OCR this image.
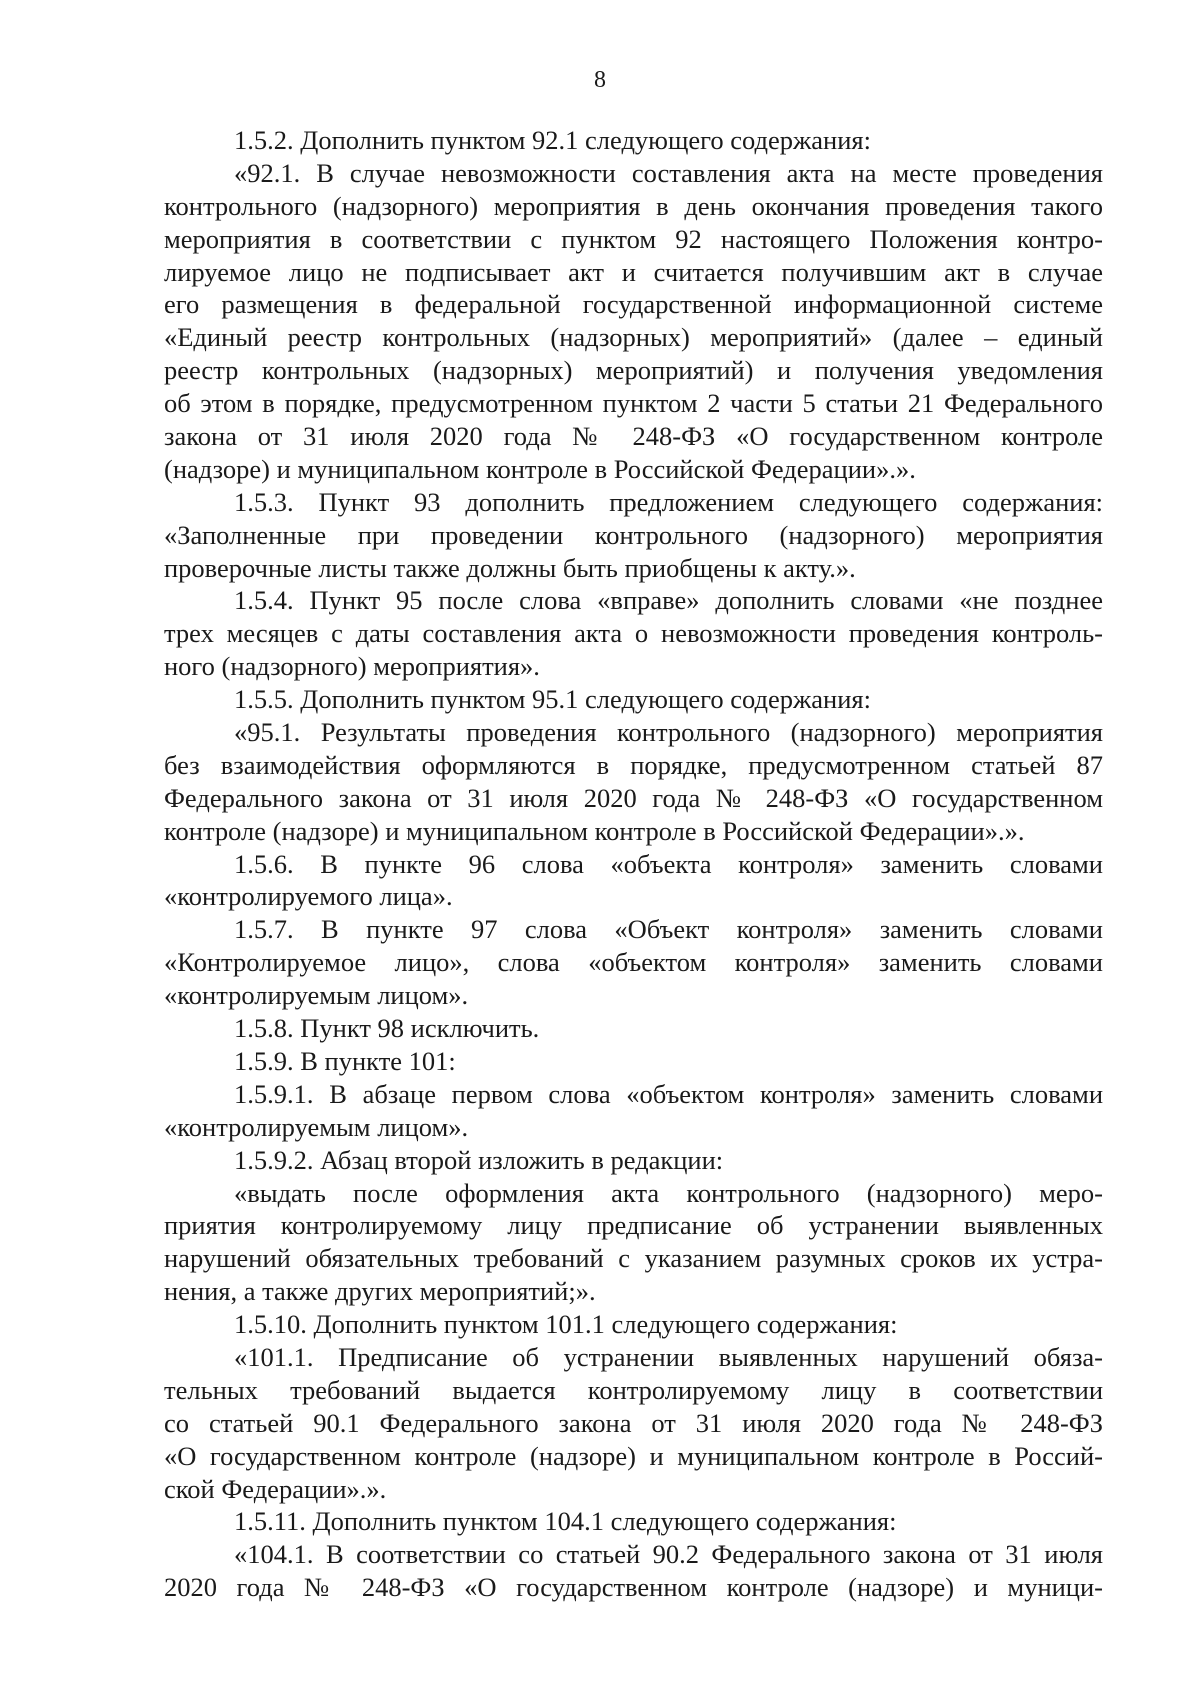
8
1.5.2. Дополнить пунктом 92.1 следующего содержания:
«92.1. В случае невозможности составления акта на месте проведения
контрольного (надзорного) мероприятия в день окончания проведения такого
мероприятия в соответствии с пунктом 92 настоящего Положения контро-
лируемое лицо не подписывает акт и считается получившим акт в случае
его размещения в федеральной государственной информационной системе
«Единый реестр контрольных (надзорных) мероприятий» (далее – единый
реестр контрольных (надзорных) мероприятий) и получения уведомления
об этом в порядке, предусмотренном пунктом 2 части 5 статьи 21 Федерального
закона от 31 июля 2020 года № 248-ФЗ «О государственном контроле
(надзоре) и муниципальном контроле в Российской Федерации».».
1.5.3. Пункт 93 дополнить предложением следующего содержания:
«Заполненные при проведении контрольного (надзорного) мероприятия
проверочные листы также должны быть приобщены к акту.».
1.5.4. Пункт 95 после слова «вправе» дополнить словами «не позднее
трех месяцев с даты составления акта о невозможности проведения контроль-
ного (надзорного) мероприятия».
1.5.5. Дополнить пунктом 95.1 следующего содержания:
«95.1. Результаты проведения контрольного (надзорного) мероприятия
без взаимодействия оформляются в порядке, предусмотренном статьей 87
Федерального закона от 31 июля 2020 года № 248-ФЗ «О государственном
контроле (надзоре) и муниципальном контроле в Российской Федерации».».
1.5.6. В пункте 96 слова «объекта контроля» заменить словами
«контролируемого лица».
1.5.7. В пункте 97 слова «Объект контроля» заменить словами
«Контролируемое лицо», слова «объектом контроля» заменить словами
«контролируемым лицом».
1.5.8. Пункт 98 исключить.
1.5.9. В пункте 101:
1.5.9.1. В абзаце первом слова «объектом контроля» заменить словами
«контролируемым лицом».
1.5.9.2. Абзац второй изложить в редакции:
«выдать после оформления акта контрольного (надзорного) меро-
приятия контролируемому лицу предписание об устранении выявленных
нарушений обязательных требований с указанием разумных сроков их устра-
нения, а также других мероприятий;».
1.5.10. Дополнить пунктом 101.1 следующего содержания:
«101.1. Предписание об устранении выявленных нарушений обяза-
тельных требований выдается контролируемому лицу в соответствии
со статьей 90.1 Федерального закона от 31 июля 2020 года № 248-ФЗ
«О государственном контроле (надзоре) и муниципальном контроле в Россий-
ской Федерации».».
1.5.11. Дополнить пунктом 104.1 следующего содержания:
«104.1. В соответствии со статьей 90.2 Федерального закона от 31 июля
2020 года № 248-ФЗ «О государственном контроле (надзоре) и муници-
